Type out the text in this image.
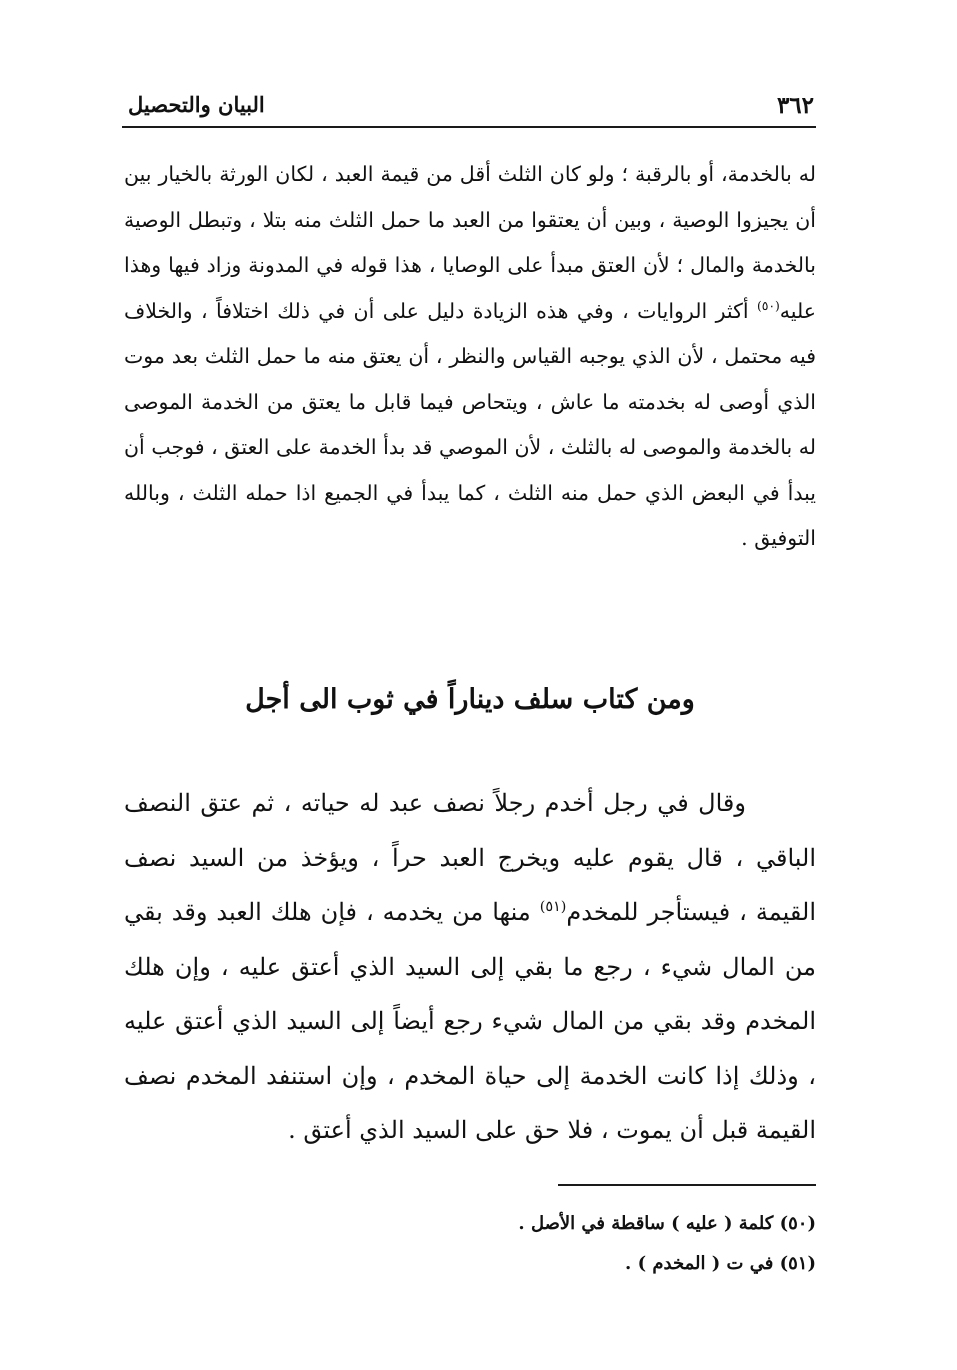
٣٦٢
البيان والتحصيل

له بالخدمة، أو بالرقبة ؛ ولو كان الثلث أقل من قيمة العبد ، لكان الورثة بالخيار بين أن يجيزوا الوصية ، وبين أن يعتقوا من العبد ما حمل الثلث منه بتلا ، وتبطل الوصية بالخدمة والمال ؛ لأن العتق مبدأ على الوصايا ، هذا قوله في المدونة وزاد فيها وهذا عليه$^{(٥٠)}$ أكثر الروايات ، وفي هذه الزيادة دليل على أن في ذلك اختلافاً ، والخلاف فيه محتمل ، لأن الذي يوجبه القياس والنظر ، أن يعتق منه ما حمل الثلث بعد موت الذي أوصى له بخدمته ما عاش ، ويتحاص فيما قابل ما يعتق من الخدمة الموصى له بالخدمة والموصى له بالثلث ، لأن الموصي قد بدأ الخدمة على العتق ، فوجب أن يبدأ في البعض الذي حمل منه الثلث ، كما يبدأ في الجميع اذا حمله الثلث ، وبالله التوفيق .

ومن كتاب سلف ديناراً في ثوب الى أجل

وقال في رجل أخدم رجلاً نصف عبد له حياته ، ثم عتق النصف الباقي ، قال يقوم عليه ويخرج العبد حراً ، ويؤخذ من السيد نصف القيمة ، فيستأجر للمخدم$^{(٥١)}$ منها من يخدمه ، فإن هلك العبد وقد بقي من المال شيء ، رجع ما بقي إلى السيد الذي أعتق عليه ، وإن هلك المخدم وقد بقي من المال شيء رجع أيضاً إلى السيد الذي أعتق عليه ، وذلك إذا كانت الخدمة إلى حياة المخدم ، وإن استنفد المخدم نصف القيمة قبل أن يموت ، فلا حق على السيد الذي أعتق .

(٥٠) كلمة ( عليه ) ساقطة في الأصل .
(٥١) في ت ( المخدم ) .
